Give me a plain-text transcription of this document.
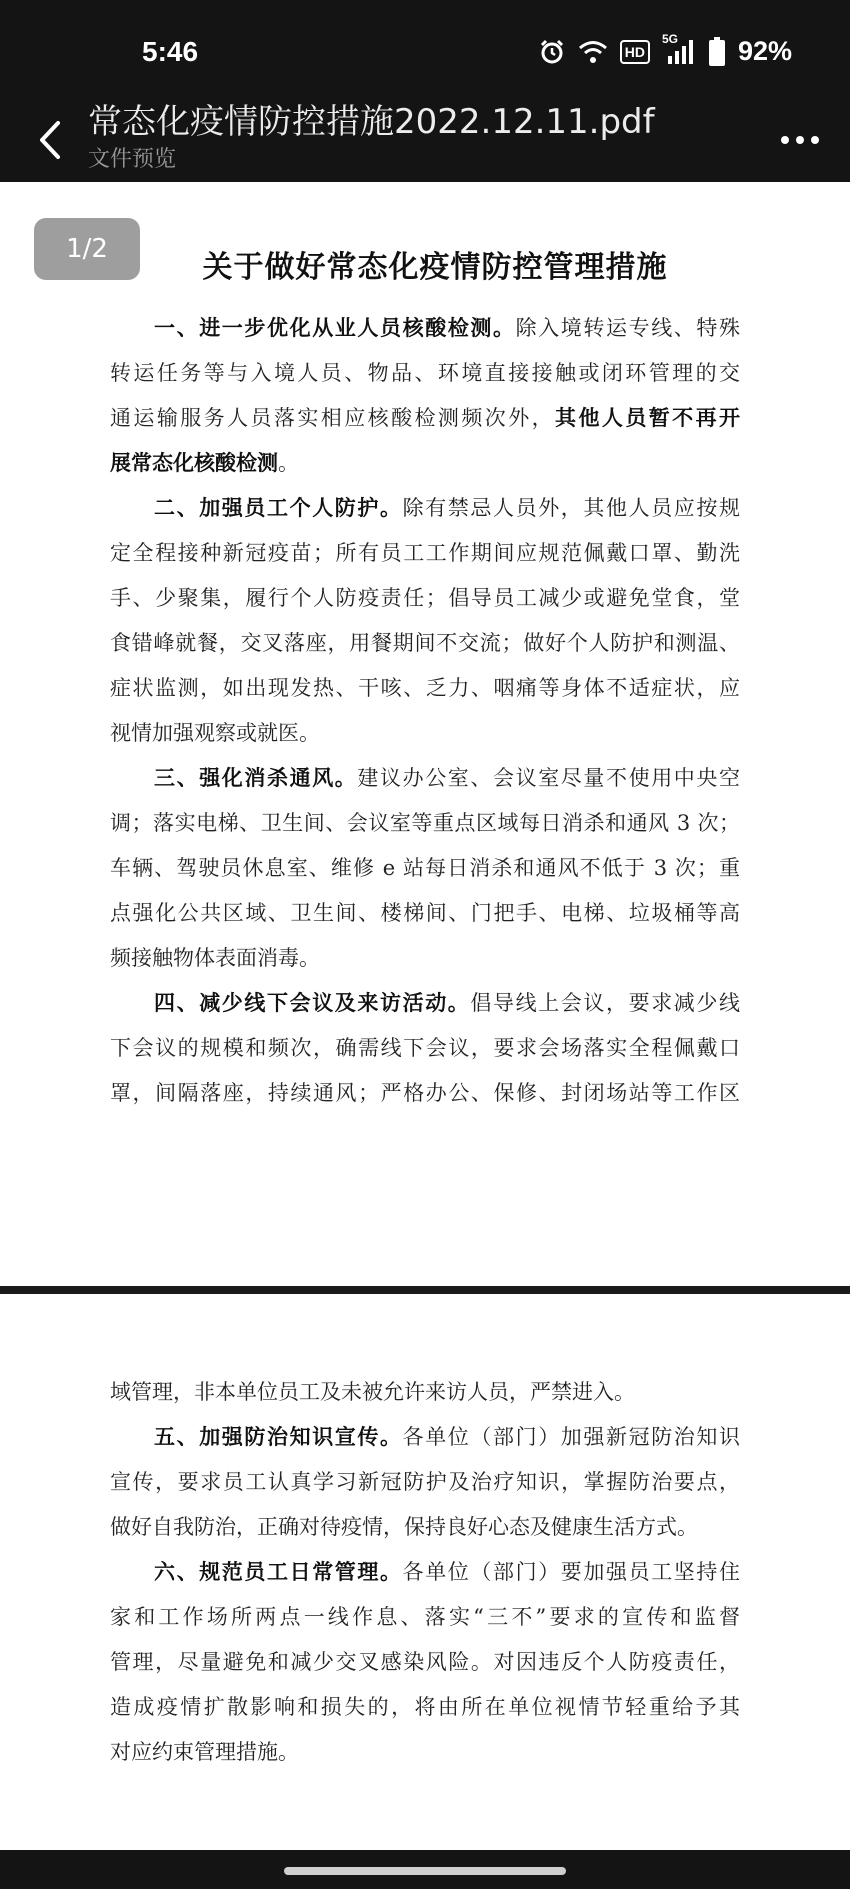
5:46	HD
5G 92%
常态化疫情防控措施2022.12.11.pdf
文件预览
1/2
关于做好常态化疫情防控管理措施
一、进一步优化从业人员核酸检测。除入境转运专线、特殊
转运任务等与入境人员、物品、环境直接接触或闭环管理的交
通运输服务人员落实相应核酸检测频次外，其他人员暂不再开
展常态化核酸检测。
二、加强员工个人防护。除有禁忌人员外，其他人员应按规
定全程接种新冠疫苗；所有员工工作期间应规范佩戴口罩、勤洗
手、少聚集，履行个人防疫责任；倡导员工减少或避免堂食，堂
食错峰就餐，交叉落座，用餐期间不交流；做好个人防护和测温、
症状监测，如出现发热、干咳、乏力、咽痛等身体不适症状，应
视情加强观察或就医。
三、强化消杀通风。建议办公室、会议室尽量不使用中央空
调；落实电梯、卫生间、会议室等重点区域每日消杀和通风 3 次；
车辆、驾驶员休息室、维修 e 站每日消杀和通风不低于 3 次；重
点强化公共区域、卫生间、楼梯间、门把手、电梯、垃圾桶等高
频接触物体表面消毒。
四、减少线下会议及来访活动。倡导线上会议，要求减少线
下会议的规模和频次，确需线下会议，要求会场落实全程佩戴口
罩，间隔落座，持续通风；严格办公、保修、封闭场站等工作区
域管理，非本单位员工及未被允许来访人员，严禁进入。
五、加强防治知识宣传。各单位（部门）加强新冠防治知识
宣传，要求员工认真学习新冠防护及治疗知识，掌握防治要点，
做好自我防治，正确对待疫情，保持良好心态及健康生活方式。
六、规范员工日常管理。各单位（部门）要加强员工坚持住
家和工作场所两点一线作息、落实“三不”要求的宣传和监督
管理，尽量避免和减少交叉感染风险。对因违反个人防疫责任，
造成疫情扩散影响和损失的，将由所在单位视情节轻重给予其
对应约束管理措施。
